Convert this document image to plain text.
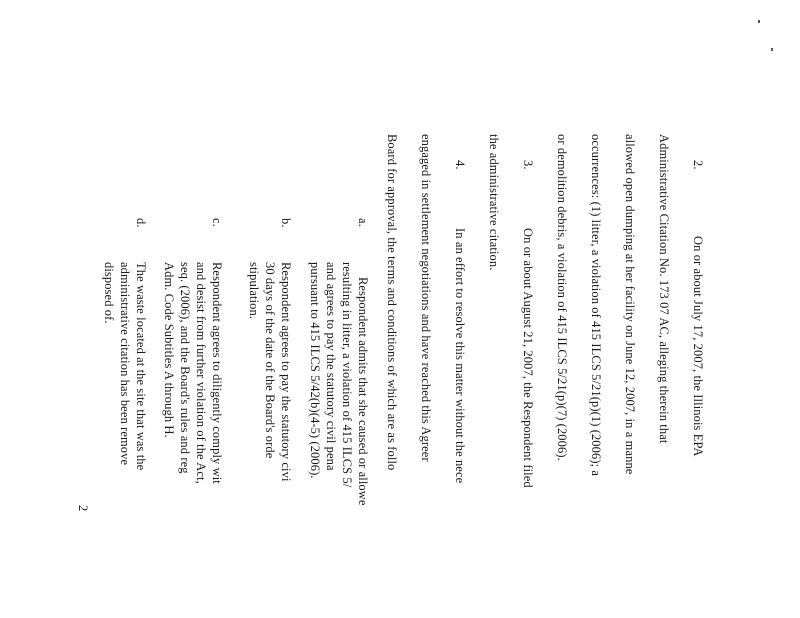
2.
On or about July 17, 2007, the Illinois EPA
Administrative Citation No. 173 07 AC, alleging therein that
allowed open dumping at her facility on June 12, 2007, in a manne
occurrences: (1) litter, a violation of 415 ILCS 5/21(p)(1) (2006); a
or demolition debris, a violation of 415 ILCS 5/21(p)(7) (2006).
3.
On or about August 21, 2007, the Respondent filed
the administrative citation.
4.
In an effort to resolve this matter without the nece
engaged in settlement negotiations and have reached this Agreer
Board for approval, the terms and conditions of which are as follo
a.
Respondent admits that she caused or allowe
resulting in litter, a violation of 415 ILCS 5/
and agrees to pay the statutory civil pena
pursuant to 415 ILCS 5/42(b)(4-5) (2006).
b.
Respondent agrees to pay the statutory civi
30 days of the date of the Board's orde
stipulation.
c.
Respondent agrees to diligently comply wit
and desist from further violation of the Act,
seq. (2006), and the Board's rules and reg
Adm. Code Subtitles A through H.
d.
The waste located at the site that was the
administrative citation has been remove
disposed of.
2
